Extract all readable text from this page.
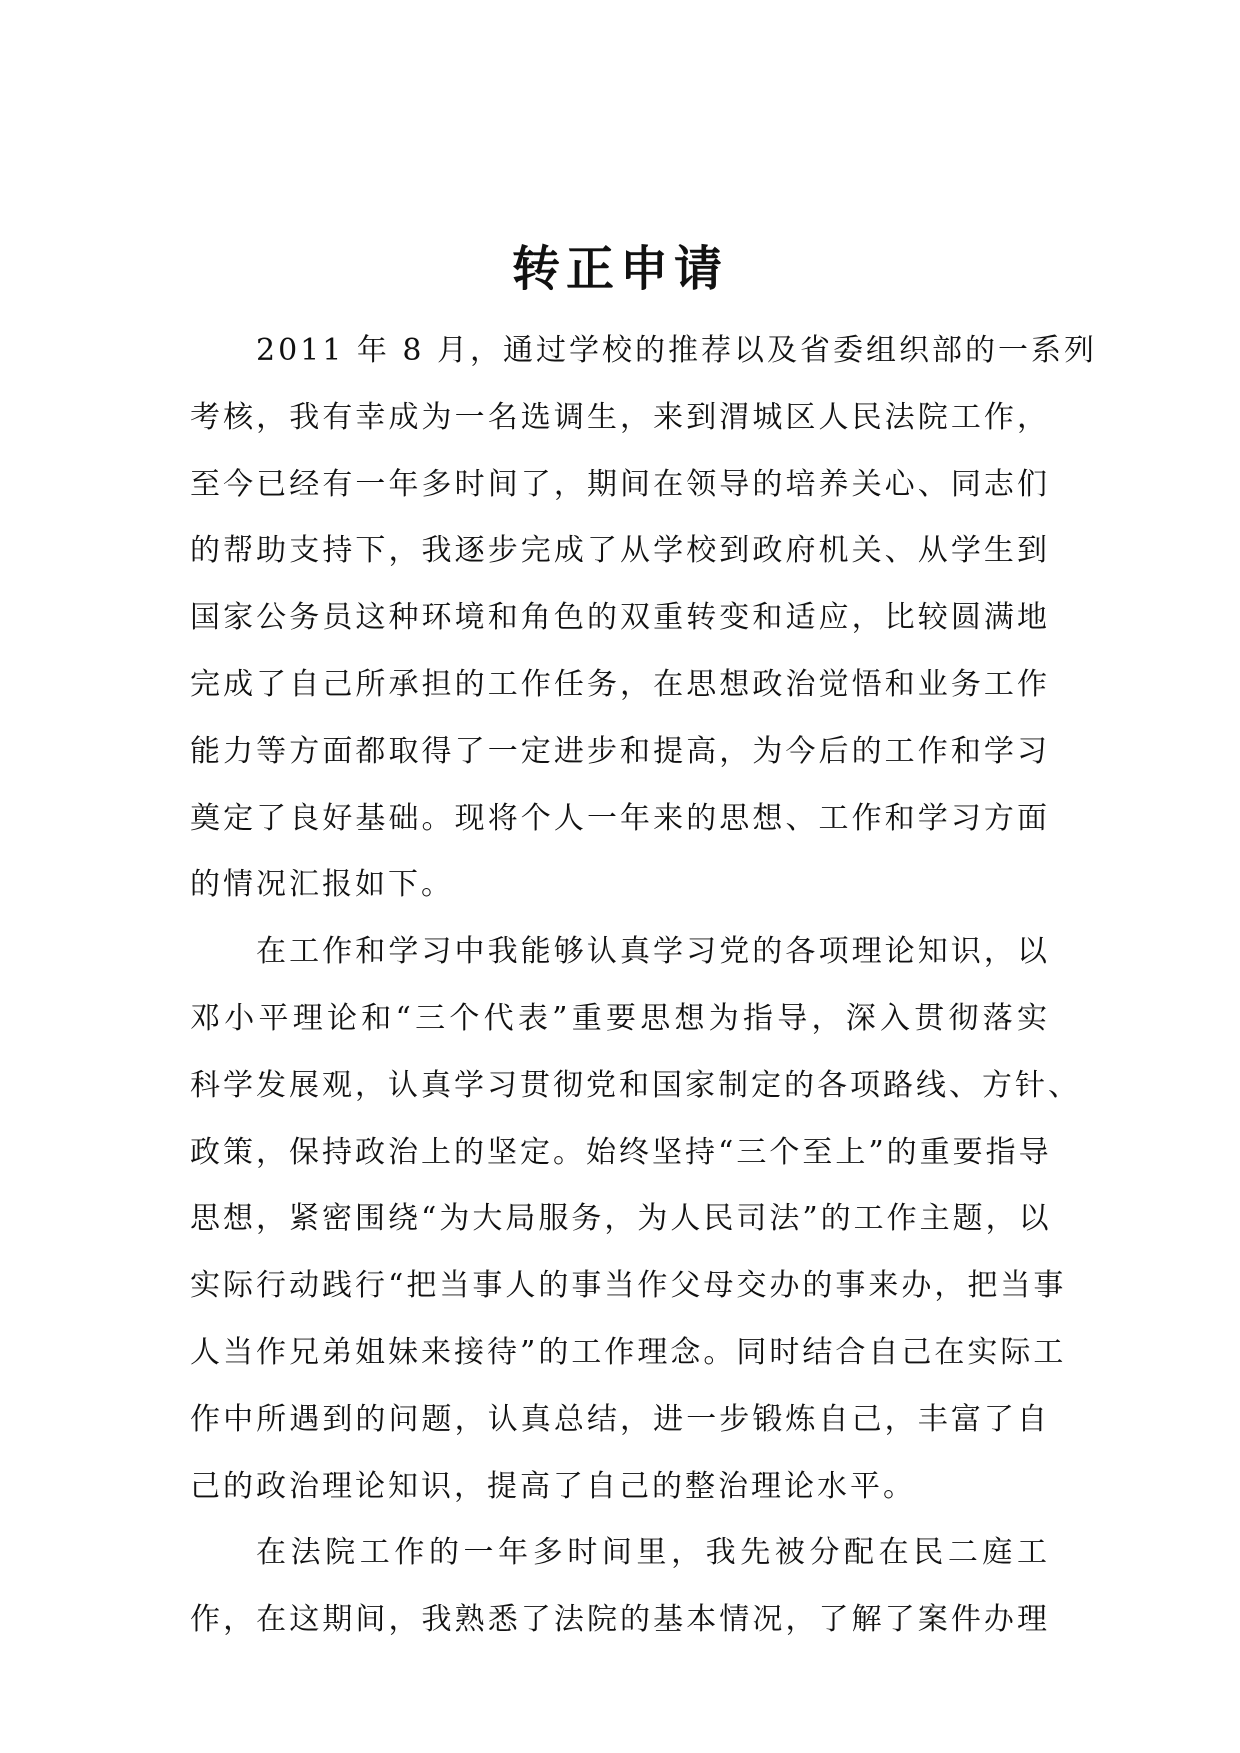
转正申请
2011 年 8 月，通过学校的推荐以及省委组织部的一系列
考核，我有幸成为一名选调生，来到渭城区人民法院工作，
至今已经有一年多时间了，期间在领导的培养关心、同志们
的帮助支持下，我逐步完成了从学校到政府机关、从学生到
国家公务员这种环境和角色的双重转变和适应，比较圆满地
完成了自己所承担的工作任务，在思想政治觉悟和业务工作
能力等方面都取得了一定进步和提高，为今后的工作和学习
奠定了良好基础。现将个人一年来的思想、工作和学习方面
的情况汇报如下。
在工作和学习中我能够认真学习党的各项理论知识，以
邓小平理论和“三个代表”重要思想为指导，深入贯彻落实
科学发展观，认真学习贯彻党和国家制定的各项路线、方针、
政策，保持政治上的坚定。始终坚持“三个至上”的重要指导
思想，紧密围绕“为大局服务，为人民司法”的工作主题，以
实际行动践行“把当事人的事当作父母交办的事来办，把当事
人当作兄弟姐妹来接待”的工作理念。同时结合自己在实际工
作中所遇到的问题，认真总结，进一步锻炼自己，丰富了自
己的政治理论知识，提高了自己的整治理论水平。
在法院工作的一年多时间里，我先被分配在民二庭工
作，在这期间，我熟悉了法院的基本情况，了解了案件办理
